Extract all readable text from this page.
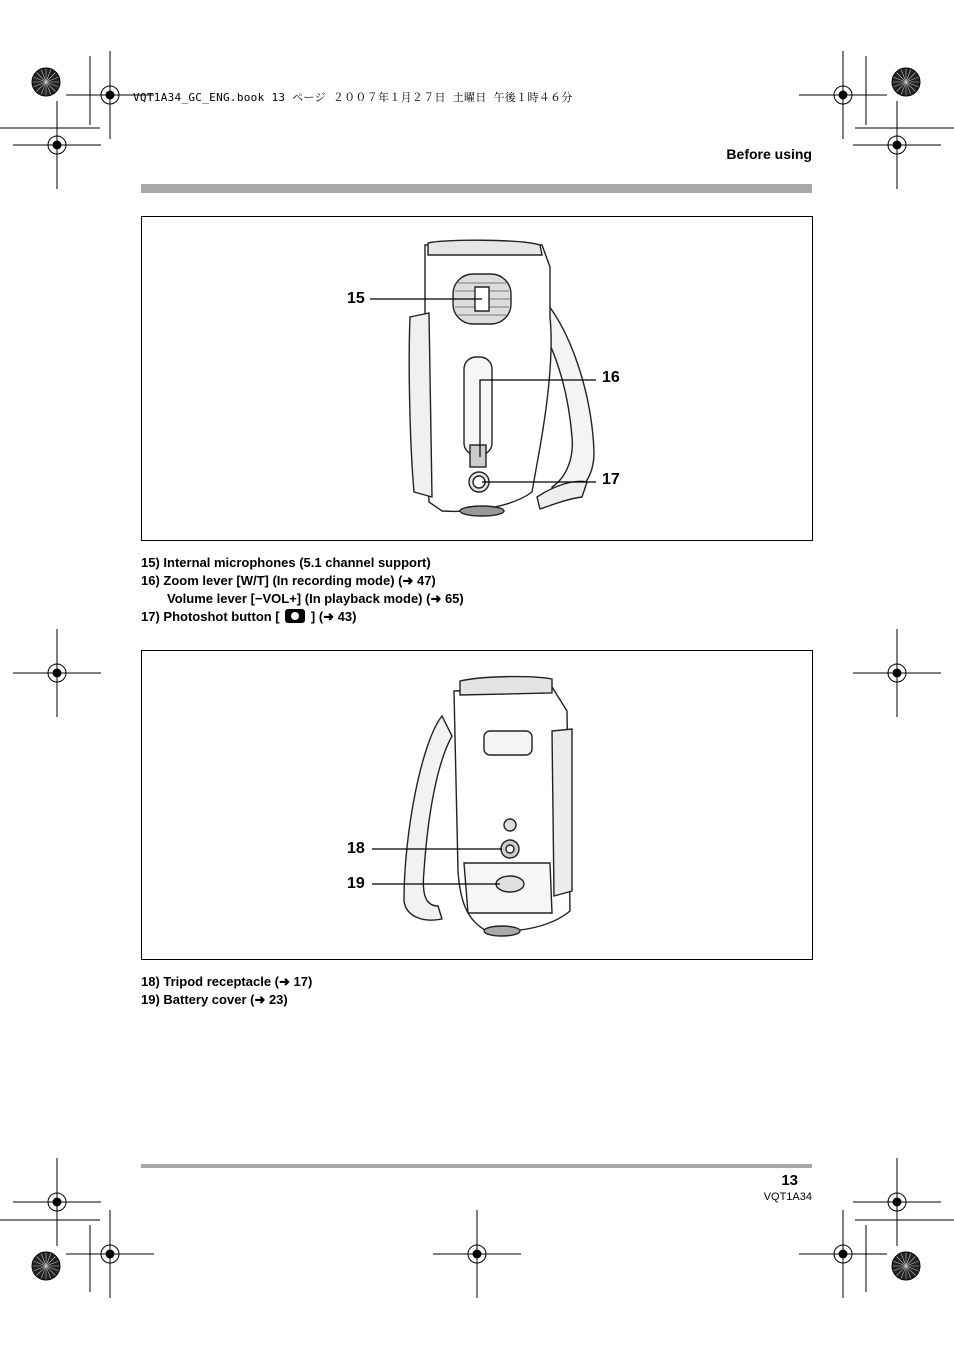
VQT1A34_GC_ENG.book 13 ページ ２００７年１月２７日 土曜日 午後１時４６分
Before using
15
16
17
15) Internal microphones (5.1 channel support)
16) Zoom lever [W/T] (In recording mode) (➜ 47)
Volume lever [−VOL+] (In playback mode) (➜ 65)
17) Photoshot button [ ] (➜ 43)
18
19
18) Tripod receptacle (➜ 17)
19) Battery cover (➜ 23)
13
VQT1A34
